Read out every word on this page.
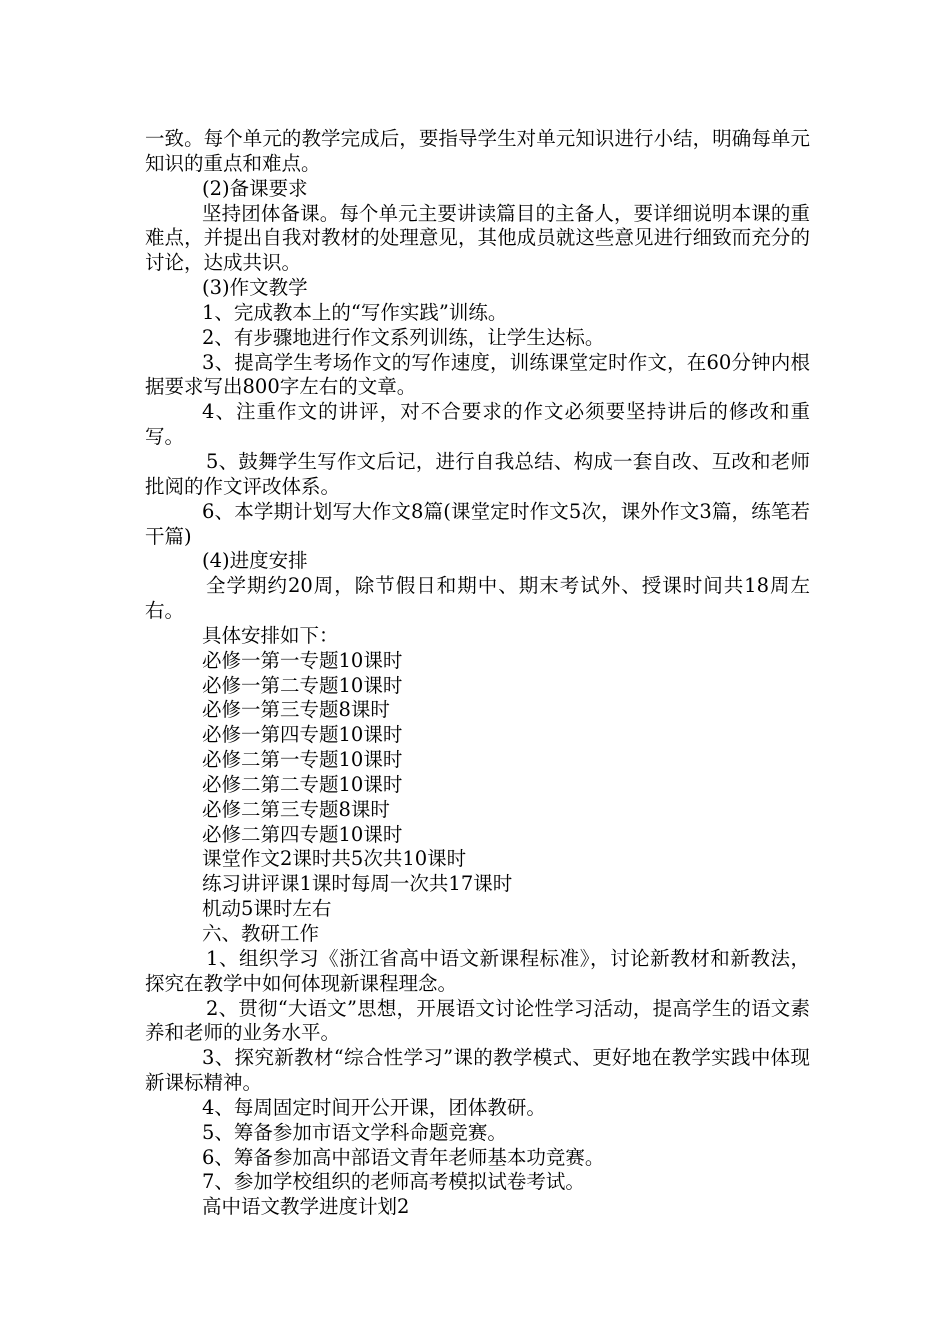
一致。每个单元的教学完成后，要指导学生对单元知识进行小结，明确每单元知识的重点和难点。

(2)备课要求

坚持团体备课。每个单元主要讲读篇目的主备人，要详细说明本课的重难点，并提出自我对教材的处理意见，其他成员就这些意见进行细致而充分的讨论，达成共识。

(3)作文教学

1、完成教本上的“写作实践”训练。

2、有步骤地进行作文系列训练，让学生达标。

3、提高学生考场作文的写作速度，训练课堂定时作文，在60分钟内根据要求写出800字左右的文章。

4、注重作文的讲评，对不合要求的作文必须要坚持讲后的修改和重写。

5、鼓舞学生写作文后记，进行自我总结、构成一套自改、互改和老师批阅的作文评改体系。

6、本学期计划写大作文8篇(课堂定时作文5次，课外作文3篇，练笔若干篇)

(4)进度安排

全学期约20周，除节假日和期中、期末考试外、授课时间共18周左右。

具体安排如下：

必修一第一专题10课时

必修一第二专题10课时

必修一第三专题8课时

必修一第四专题10课时

必修二第一专题10课时

必修二第二专题10课时

必修二第三专题8课时

必修二第四专题10课时

课堂作文2课时共5次共10课时

练习讲评课1课时每周一次共17课时

机动5课时左右

六、教研工作

1、组织学习《浙江省高中语文新课程标准》，讨论新教材和新教法，探究在教学中如何体现新课程理念。

2、贯彻“大语文”思想，开展语文讨论性学习活动，提高学生的语文素养和老师的业务水平。

3、探究新教材“综合性学习”课的教学模式、更好地在教学实践中体现新课标精神。

4、每周固定时间开公开课，团体教研。

5、筹备参加市语文学科命题竞赛。

6、筹备参加高中部语文青年老师基本功竞赛。

7、参加学校组织的老师高考模拟试卷考试。

高中语文教学进度计划2
